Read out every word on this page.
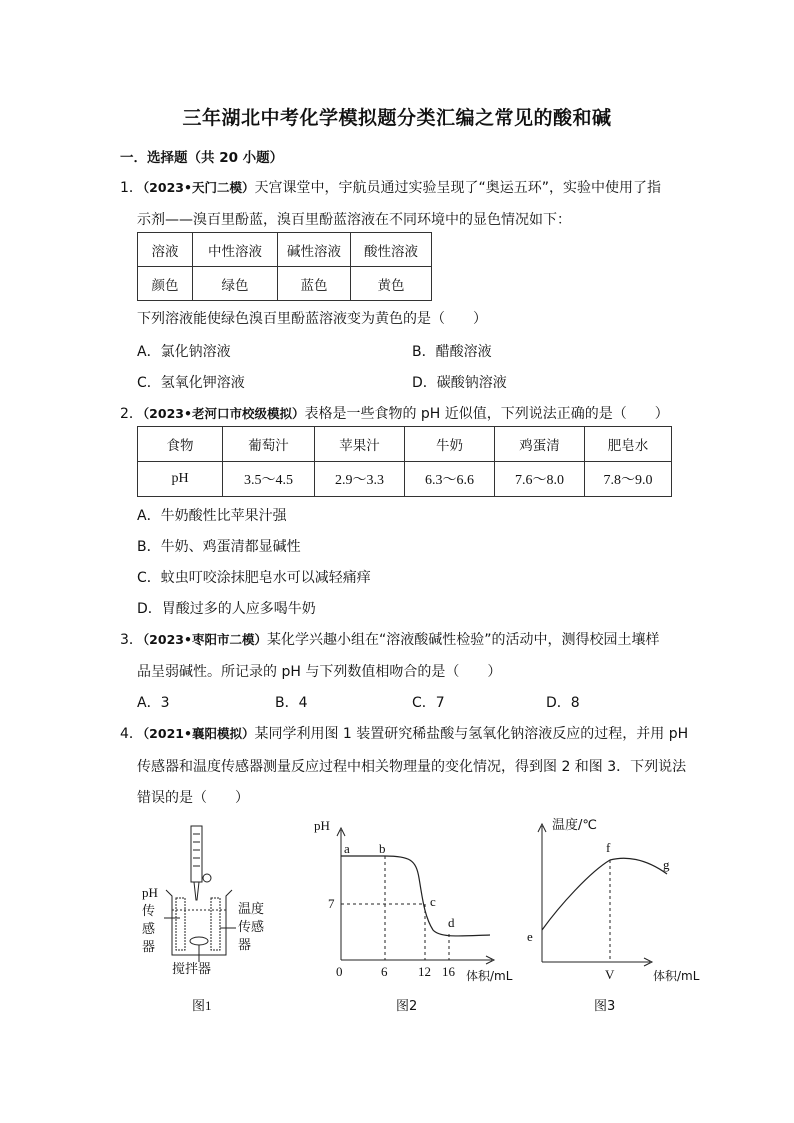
三年湖北中考化学模拟题分类汇编之常见的酸和碱
一．选择题（共 20 小题）
1．（2023•天门二模）天宫课堂中，宇航员通过实验呈现了“奥运五环”，实验中使用了指
示剂——溴百里酚蓝，溴百里酚蓝溶液在不同环境中的显色情况如下：
溶液	中性溶液	碱性溶液	酸性溶液
颜色	绿色	蓝色	黄色
下列溶液能使绿色溴百里酚蓝溶液变为黄色的是（　　）
A．氯化钠溶液	B．醋酸溶液
C．氢氧化钾溶液	D．碳酸钠溶液
2．（2023•老河口市校级模拟）表格是一些食物的 pH 近似值，下列说法正确的是（　　）
食物	葡萄汁	苹果汁	牛奶	鸡蛋清	肥皂水
pH	3.5～4.5	2.9～3.3	6.3～6.6	7.6～8.0	7.8～9.0
A．牛奶酸性比苹果汁强
B．牛奶、鸡蛋清都显碱性
C．蚊虫叮咬涂抹肥皂水可以减轻痛痒
D．胃酸过多的人应多喝牛奶
3．（2023•枣阳市二模）某化学兴趣小组在“溶液酸碱性检验”的活动中，测得校园土壤样
品呈弱碱性。所记录的 pH 与下列数值相吻合的是（　　）
A．3	B．4	C．7	D．8
4．（2021•襄阳模拟）某同学利用图 1 装置研究稀盐酸与氢氧化钠溶液反应的过程，并用 pH
传感器和温度传感器测量反应过程中相关物理量的变化情况，得到图 2 和图 3．下列说法
错误的是（　　）
pH
传
感
器
温度
传感
器
搅拌器
图1
pH
7
0	6 12 16 体积/mL
a b
c
d
图2
温度/℃
e
f
g
V	体积/mL
图3
